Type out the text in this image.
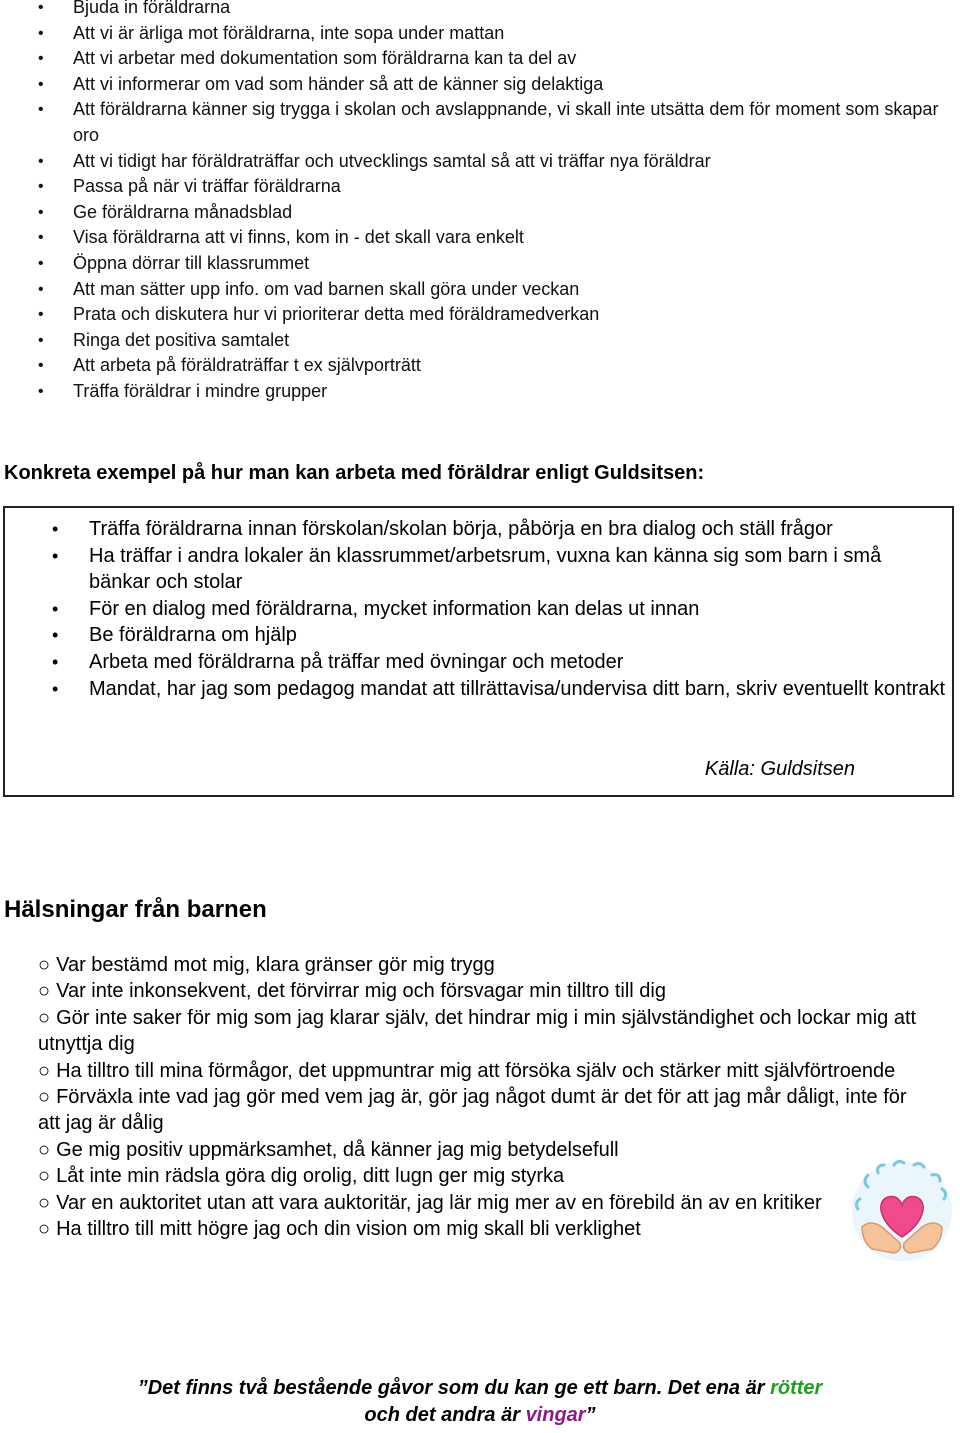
• Bjuda in föräldrarna
• Att vi är ärliga mot föräldrarna, inte sopa under mattan
• Att vi arbetar med dokumentation som föräldrarna kan ta del av
• Att vi informerar om vad som händer så att de känner sig delaktiga
• Att föräldrarna känner sig trygga i skolan och avslappnande, vi skall inte utsätta dem för moment som skapar oro
• Att vi tidigt har föräldraträffar och utvecklings samtal så att vi träffar nya föräldrar
• Passa på när vi träffar föräldrarna
• Ge föräldrarna månadsblad
• Visa föräldrarna att vi finns, kom in - det skall vara enkelt
• Öppna dörrar till klassrummet
• Att man sätter upp info. om vad barnen skall göra under veckan
• Prata och diskutera hur vi prioriterar detta med föräldramedverkan
• Ringa det positiva samtalet
• Att arbeta på föräldraträffar t ex självporträtt
• Träffa föräldrar i mindre grupper
Konkreta exempel på hur man kan arbeta med föräldrar enligt Guldsitsen:
• Träffa föräldrarna innan förskolan/skolan börja, påbörja en bra dialog och ställ frågor
• Ha träffar i andra lokaler än klassrummet/arbetsrum, vuxna kan känna sig som barn i små bänkar och stolar
• För en dialog med föräldrarna, mycket information kan delas ut innan
• Be föräldrarna om hjälp
• Arbeta med föräldrarna på träffar med övningar och metoder
• Mandat, har jag som pedagog mandat att tillrättavisa/undervisa ditt barn, skriv eventuellt kontrakt
Källa: Guldsitsen
Hälsningar från barnen
○ Var bestämd mot mig, klara gränser gör mig trygg
○ Var inte inkonsekvent, det förvirrar mig och försvagar min tilltro till dig
○ Gör inte saker för mig som jag klarar själv, det hindrar mig i min självständighet och lockar mig att utnyttja dig
○ Ha tilltro till mina förmågor, det uppmuntrar mig att försöka själv och stärker mitt självförtroende
○ Förväxla inte vad jag gör med vem jag är, gör jag något dumt är det för att jag mår dåligt, inte för att jag är dålig
○ Ge mig positiv uppmärksamhet, då känner jag mig betydelsefull
○ Låt inte min rädsla göra dig orolig, ditt lugn ger mig styrka
○ Var en auktoritet utan att vara auktoritär, jag lär mig mer av en förebild än av en kritiker
○ Ha tilltro till mitt högre jag och din vision om mig skall bli verklighet

”Det finns två bestående gåvor som du kan ge ett barn. Det ena är rötter
och det andra är vingar”
